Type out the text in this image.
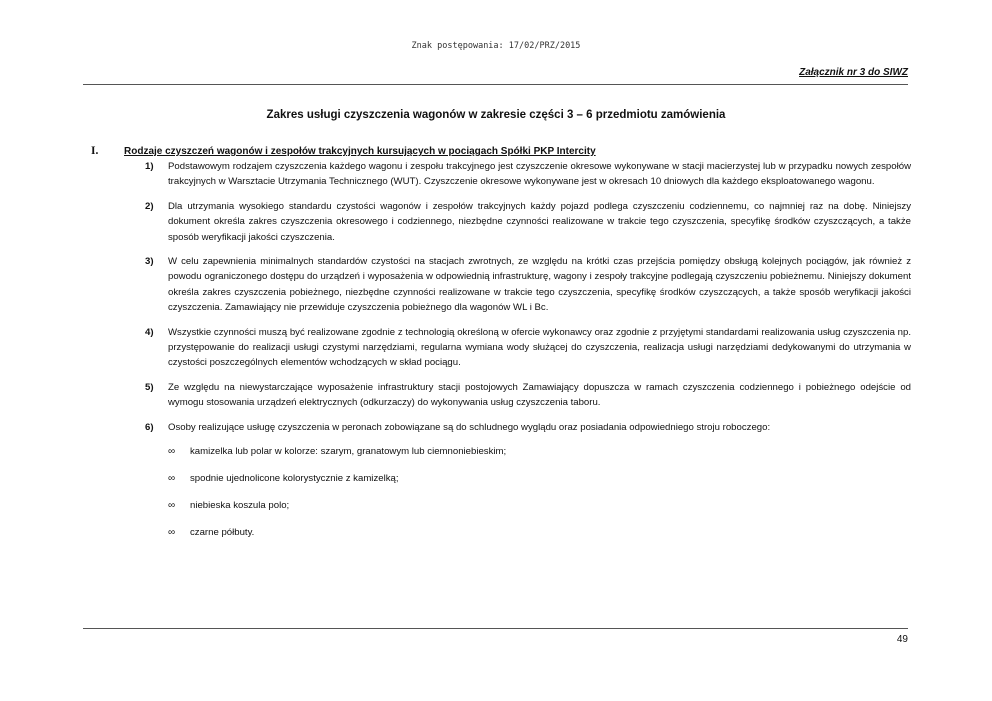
Znak postępowania: 17/02/PRZ/2015
Załącznik nr 3 do SIWZ
Zakres usługi czyszczenia wagonów w zakresie części 3 – 6 przedmiotu zamówienia
I.	Rodzaje czyszczeń wagonów i zespołów trakcyjnych kursujących w pociągach Spółki PKP Intercity
1)	Podstawowym rodzajem czyszczenia każdego wagonu i zespołu trakcyjnego jest czyszczenie okresowe wykonywane w stacji macierzystej lub w przypadku nowych zespołów trakcyjnych w Warsztacie Utrzymania Technicznego (WUT). Czyszczenie okresowe wykonywane jest w okresach 10 dniowych dla każdego eksploatowanego wagonu.
2)	Dla utrzymania wysokiego standardu czystości wagonów i zespołów trakcyjnych każdy pojazd podlega czyszczeniu codziennemu, co najmniej raz na dobę. Niniejszy dokument określa zakres czyszczenia okresowego i codziennego, niezbędne czynności realizowane w trakcie tego czyszczenia, specyfikę środków czyszczących, a także sposób weryfikacji jakości czyszczenia.
3)	W celu zapewnienia minimalnych standardów czystości na stacjach zwrotnych, ze względu na krótki czas przejścia pomiędzy obsługą kolejnych pociągów, jak również z powodu ograniczonego dostępu do urządzeń i wyposażenia w odpowiednią infrastrukturę, wagony i zespoły trakcyjne podlegają czyszczeniu pobieżnemu. Niniejszy dokument określa zakres czyszczenia pobieżnego, niezbędne czynności realizowane w trakcie tego czyszczenia, specyfikę środków czyszczących, a także sposób weryfikacji jakości czyszczenia. Zamawiający nie przewiduje czyszczenia pobieżnego dla wagonów WL i Bc.
4)	Wszystkie czynności muszą być realizowane zgodnie z technologią określoną w ofercie wykonawcy oraz zgodnie z przyjętymi standardami realizowania usług czyszczenia np. przystępowanie do realizacji usługi czystymi narzędziami, regularna wymiana wody służącej do czyszczenia, realizacja usługi narzędziami dedykowanymi do utrzymania w czystości poszczególnych elementów wchodzących w skład pociągu.
5)	Ze względu na niewystarczające wyposażenie infrastruktury stacji postojowych Zamawiający dopuszcza w ramach czyszczenia codziennego i pobieżnego odejście od wymogu stosowania urządzeń elektrycznych (odkurzaczy) do wykonywania usług czyszczenia taboru.
6)	Osoby realizujące usługę czyszczenia w peronach zobowiązane są do schludnego wyglądu oraz posiadania odpowiedniego stroju roboczego:
∞	kamizelka lub polar w kolorze: szarym, granatowym lub ciemnoniebieskim;
∞	spodnie ujednolicone kolorystycznie z kamizelką;
∞	niebieska koszula polo;
∞	czarne półbuty.
49
